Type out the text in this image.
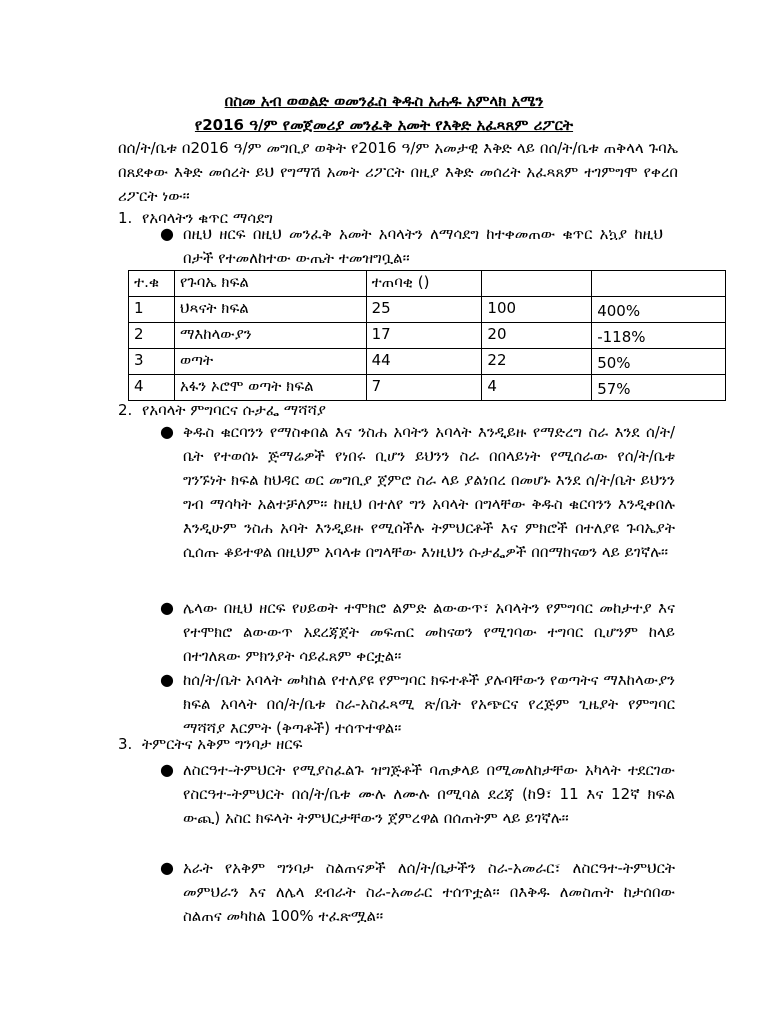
በስመ አብ ወወልድ ወመንፈስ ቅዱስ አሐዱ አምላክ አሜን
የ2016 ዓ/ም የመጀመሪያ መንፈቅ አመት የእቅድ አፈጻጸም ሪፖርት
በሰ/ት/ቤቱ በ2016 ዓ/ም መግቢያ ወቅት የ2016 ዓ/ም አመታዊ እቅድ ላይ በሰ/ት/ቤቱ ጠቅላላ ጉባኤ በጸደቀው እቅድ መሰረት ይህ የግማሽ አመት ሪፖርት በዚያ እቅድ መሰረት አፈጻጸም ተገምግሞ የቀረበ ሪፖርት ነው፡፡
1. የአባላትን ቁጥር ማሳደግ
● በዚህ ዘርፍ በዚህ መንፈቅ አመት አባላትን ለማሳደግ ከተቀመጠው ቁጥር አኳያ ከዚህ በታች የተመለከተው ውጤት ተመዝግቧል፡፡
ተ.ቁ	የጉባኤ ክፍል	ተጠባቂ ()		
1	ህጻናት ክፍል	25	100	400%
2	ማእከላውያን	17	20	-118%
3	ወጣት	44	22	50%
4	አፋን ኦሮሞ ወጣት ክፍል	7	4	57%
2. የአባላት ምግባርና ሱታፌ ማሻሻያ
● ቅዱስ ቁርባንን የማስቀበል እና ንስሐ አባትን አባላት እንዲይዙ የማድረግ ስራ እንደ ሰ/ት/ቤት የተወሰኑ ጅማሬዎች የነበሩ ቢሆን ይህንን ስራ በበላይነት የሚሰራው የሰ/ት/ቤቱ ግንኙነት ክፍል ከህዳር ወር መግቢያ ጀምሮ ስራ ላይ ያልነበረ በመሆኑ እንደ ሰ/ት/ቤት ይህንን ግብ ማሳካት አልተቻለም፡፡ ከዚህ በተለየ ግን አባላት በግላቸው ቅዱስ ቁርባንን እንዲቀበሉ እንዲሁም ንስሐ አባት እንዲይዙ የሚሰችሉ ትምህርቶች እና ምክሮች በተለያዩ ጉባኤያት ሲሰጡ ቆይተዋል በዚህም አባላቱ በግላቸው እነዚህን ሱታፌዎች በበማከናወን ላይ ይገኛሉ፡፡
● ሌላው በዚህ ዘርፍ የሀይወት ተሞክሮ ልምድ ልውውጥ፣ አባላትን የምግባር መከታተያ እና የተሞክሮ ልውውጥ አደረጃጀት መፍጠር መከናወን የሚገባው ተግባር ቢሆንም ከላይ በተገለጸው ምክንያት ሳይፈጸም ቀርቷል፡፡
● ከሰ/ት/ቤት አባላት መካከል የተለያዩ የምግባር ክፍተቶች ያሉባቸውን የወጣትና ማእከላውያን ክፍል አባላት በሰ/ት/ቤቱ ስራ-አስፈጻሚ ጽ/ቤት የአጭርና የረጅም ጊዜያት የምግባር ማሻሻያ እርምት (ቅጣቶች) ተሰጥተዋል፡፡
3. ትምርትና አቅም ግንባታ ዘርፍ
● ለስርዓተ-ትምህርት የሚያስፈልጉ ዝግጅቶች ባጠቃላይ በሚመለከታቸው አካላት ተደርገው የስርዓተ-ትምህርት በሰ/ት/ቤቱ ሙሉ ለሙሉ በሚባል ደረጃ (ከ9፣ 11 እና 12ኛ ክፍል ውጪ) አስር ክፍላት ትምህርታቸውን ጀምረዋል በሰጠትም ላይ ይገኛሉ፡፡
● አራት የአቅም ግንባታ ስልጠናዎች ለሰ/ት/ቤታችን ስራ-አመራር፣ ለስርዓተ-ትምህርት መምህራን እና ለሌላ ደብራት ስራ-አመራር ተሰጥቷል፡፡ በእቅዱ ለመስጠት ከታሰበው ስልጠና መካከል 100% ተፈጽሟል፡፡
